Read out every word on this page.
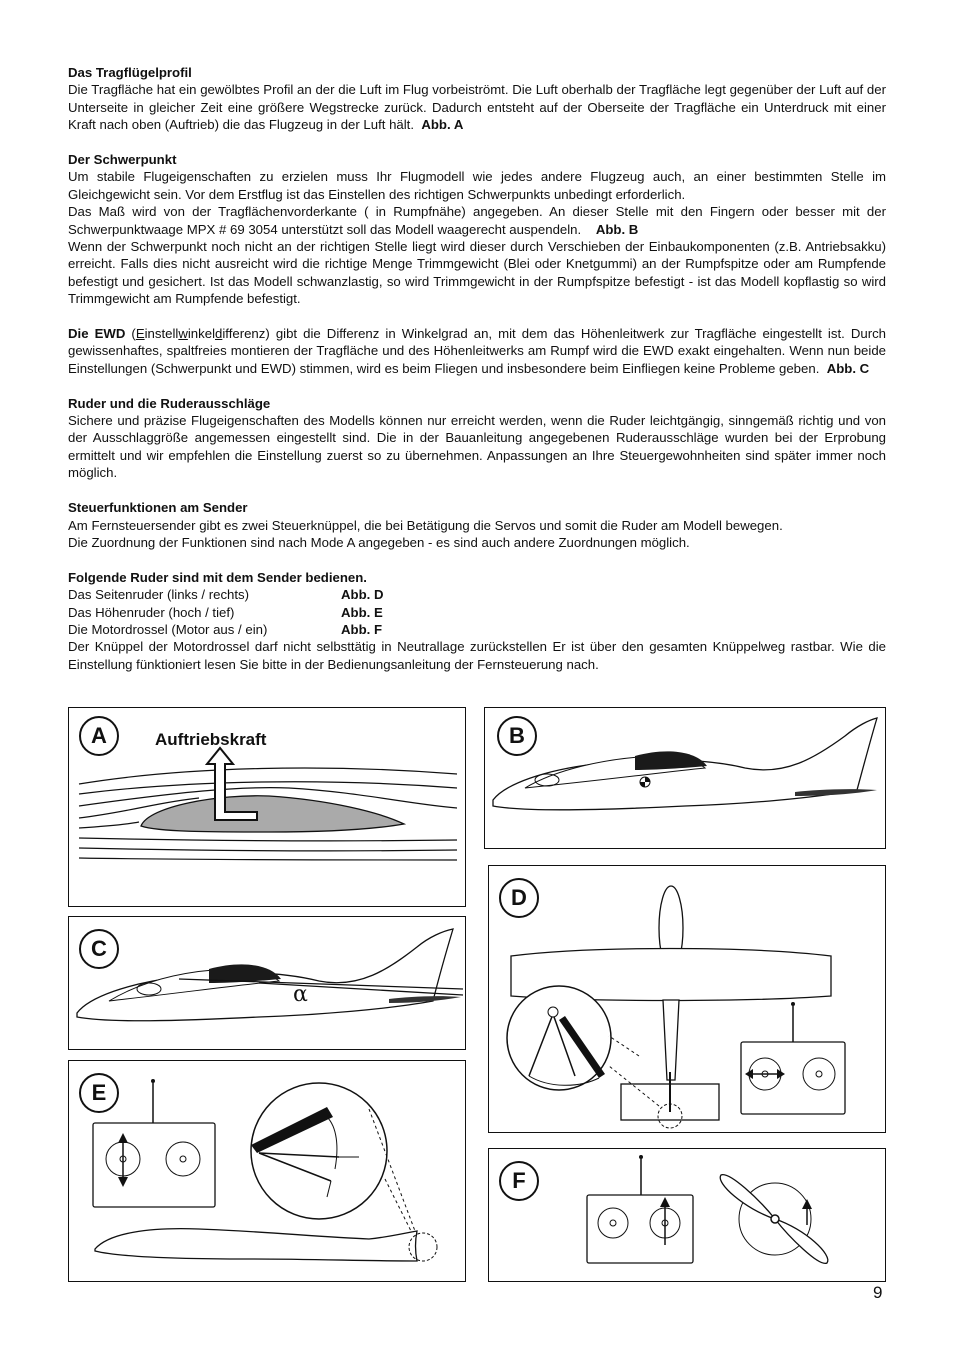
Das Tragflügelprofil

Die Tragfläche hat ein gewölbtes Profil an der die Luft im Flug vorbeiströmt. Die Luft oberhalb der Tragfläche legt gegenüber der Luft auf der Unterseite in gleicher Zeit eine größere Wegstrecke zurück. Dadurch entsteht auf der Oberseite der Tragfläche ein Unterdruck mit einer Kraft nach oben (Auftrieb) die das Flugzeug in der Luft hält. Abb. A

Der Schwerpunkt

Um stabile Flugeigenschaften zu erzielen muss Ihr Flugmodell wie jedes andere Flugzeug auch, an einer bestimmten Stelle im Gleichgewicht sein. Vor dem Erstflug ist das Einstellen des richtigen Schwerpunkts unbedingt erforderlich.

Das Maß wird von der Tragflächenvorderkante ( in Rumpfnähe) angegeben. An dieser Stelle mit den Fingern oder besser mit der Schwerpunktwaage MPX # 69 3054 unterstützt soll das Modell waagerecht auspendeln. Abb. B

Wenn der Schwerpunkt noch nicht an der richtigen Stelle liegt wird dieser durch Verschieben der Einbaukomponenten (z.B. Antriebsakku) erreicht. Falls dies nicht ausreicht wird die richtige Menge Trimmgewicht (Blei oder Knetgummi) an der Rumpfspitze oder am Rumpfende befestigt und gesichert. Ist das Modell schwanzlastig, so wird Trimmgewicht in der Rumpfspitze befestigt - ist das Modell kopflastig so wird Trimmgewicht am Rumpfende befestigt.

Die EWD (Einstellwinkeldifferenz) gibt die Differenz in Winkelgrad an, mit dem das Höhenleitwerk zur Tragfläche eingestellt ist. Durch gewissenhaftes, spaltfreies montieren der Tragfläche und des Höhenleitwerks am Rumpf wird die EWD exakt eingehalten. Wenn nun beide Einstellungen (Schwerpunkt und EWD) stimmen, wird es beim Fliegen und insbesondere beim Einfliegen keine Probleme geben. Abb. C

Ruder und die Ruderausschläge

Sichere und präzise Flugeigenschaften des Modells können nur erreicht werden, wenn die Ruder leichtgängig, sinngemäß richtig und von der Ausschlaggröße angemessen eingestellt sind. Die in der Bauanleitung angegebenen Ruderausschläge wurden bei der Erprobung ermittelt und wir empfehlen die Einstellung zuerst so zu übernehmen. Anpassungen an Ihre Steuergewohnheiten sind später immer noch möglich.

Steuerfunktionen am Sender

Am Fernsteuersender gibt es zwei Steuerknüppel, die bei Betätigung die Servos und somit die Ruder am Modell bewegen.

Die Zuordnung der Funktionen sind nach Mode A angegeben - es sind auch andere Zuordnungen möglich.

Folgende Ruder sind mit dem Sender bedienen.
Das Seitenruder (links / rechts)	Abb. D
Das Höhenruder (hoch / tief)	Abb. E
Die Motordrossel (Motor aus / ein)	Abb. F

Der Knüppel der Motordrossel darf nicht selbsttätig in Neutrallage zurückstellen Er ist über den gesamten Knüppelweg rastbar. Wie die Einstellung fünktioniert lesen Sie bitte in der Bedienungsanleitung der Fernsteuerung nach.

A	Auftriebskraft	B
α
C
D
E
F
9
